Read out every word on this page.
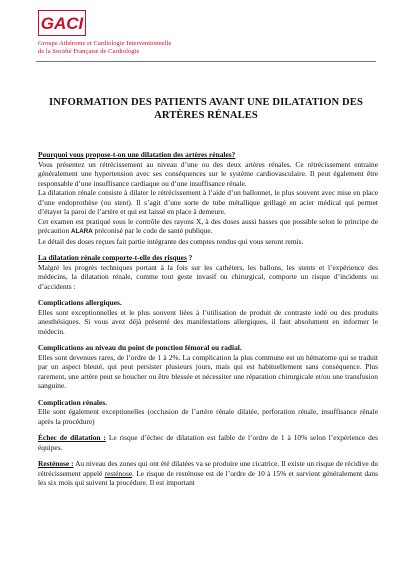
GACI
Groupe Athérome et Cardiologie Interventionnelle
de la Société Française de Cardiologie
INFORMATION DES PATIENTS AVANT UNE DILATATION DES
ARTÈRES RÉNALES

Pourquoi vous propose-t-on une dilatation des artères rénales?

Vous présentez un rétrécissement au niveau d’une ou des deux artères rénales. Ce rétrécissement entraine généralement une hypertension avec ses conséquences sur le système cardiovasculaire. Il peut également être responsable d’une insuffisance cardiaque ou d’une insuffisance rénale.

La dilatation rénale consiste à dilater le rétrécissement à l’aide d’un ballonnet, le plus souvent avec mise en place d’une endoprothèse (ou stent). Il s’agit d’une sorte de tube métallique grillagé en acier médical qui permet d’étayer la paroi de l’artère et qui est laissé en place à demeure.

Cet examen est pratiqué sous le contrôle des rayons X, à des doses aussi basses que possible selon le principe de précaution ALARA préconisé par le code de santé publique.

Le détail des doses reçues fait partie intégrante des comptes rendus qui vous seront remis.

La dilatation rénale comporte-t-elle des risques ?

Malgré les progrès techniques portant à la fois sur les cathéters, les ballons, les stents et l’expérience des médecins, la dilatation rénale, comme tout geste invasif ou chirurgical, comporte un risque d’incidents ou d’accidents :

Complications allergiques.

Elles sont exceptionnelles et le plus souvent liées à l’utilisation de produit de contraste iodé ou des produits anesthésiques. Si vous avez déjà présenté des manifestations allergiques, il faut absolument en informer le médecin.

Complications au niveau du point de ponction fémoral ou radial.

Elles sont devenues rares, de l’ordre de 1 à 2%. La complication la plus commune est un hématome qui se traduit par un aspect bleuté, qui peut persister plusieurs jours, mais qui est habituellement sans conséquence. Plus rarement, une artère peut se boucher ou être blessée et nécessiter une réparation chirurgicale et/ou une transfusion sanguine.

Complication rénales.

Elle sont également exceptionelles (occlusion de l’artère rénale dilatée, perforation rénale, insuffisance rénale après la procédure)

Échec de dilatation : Le risque d’échec de dilatation est faible de l’ordre de 1 à 10% selon l’expérience des équipes.

Resténose : Au niveau des zones qui ont été dilatées va se produire une cicatrice. Il existe un risque de récidive du rétrécissement appelé resténose. Le risque de resténose est de l’ordre de 10 à 15% et survient généralement dans les six mois qui suivent la procédure. Il est important
